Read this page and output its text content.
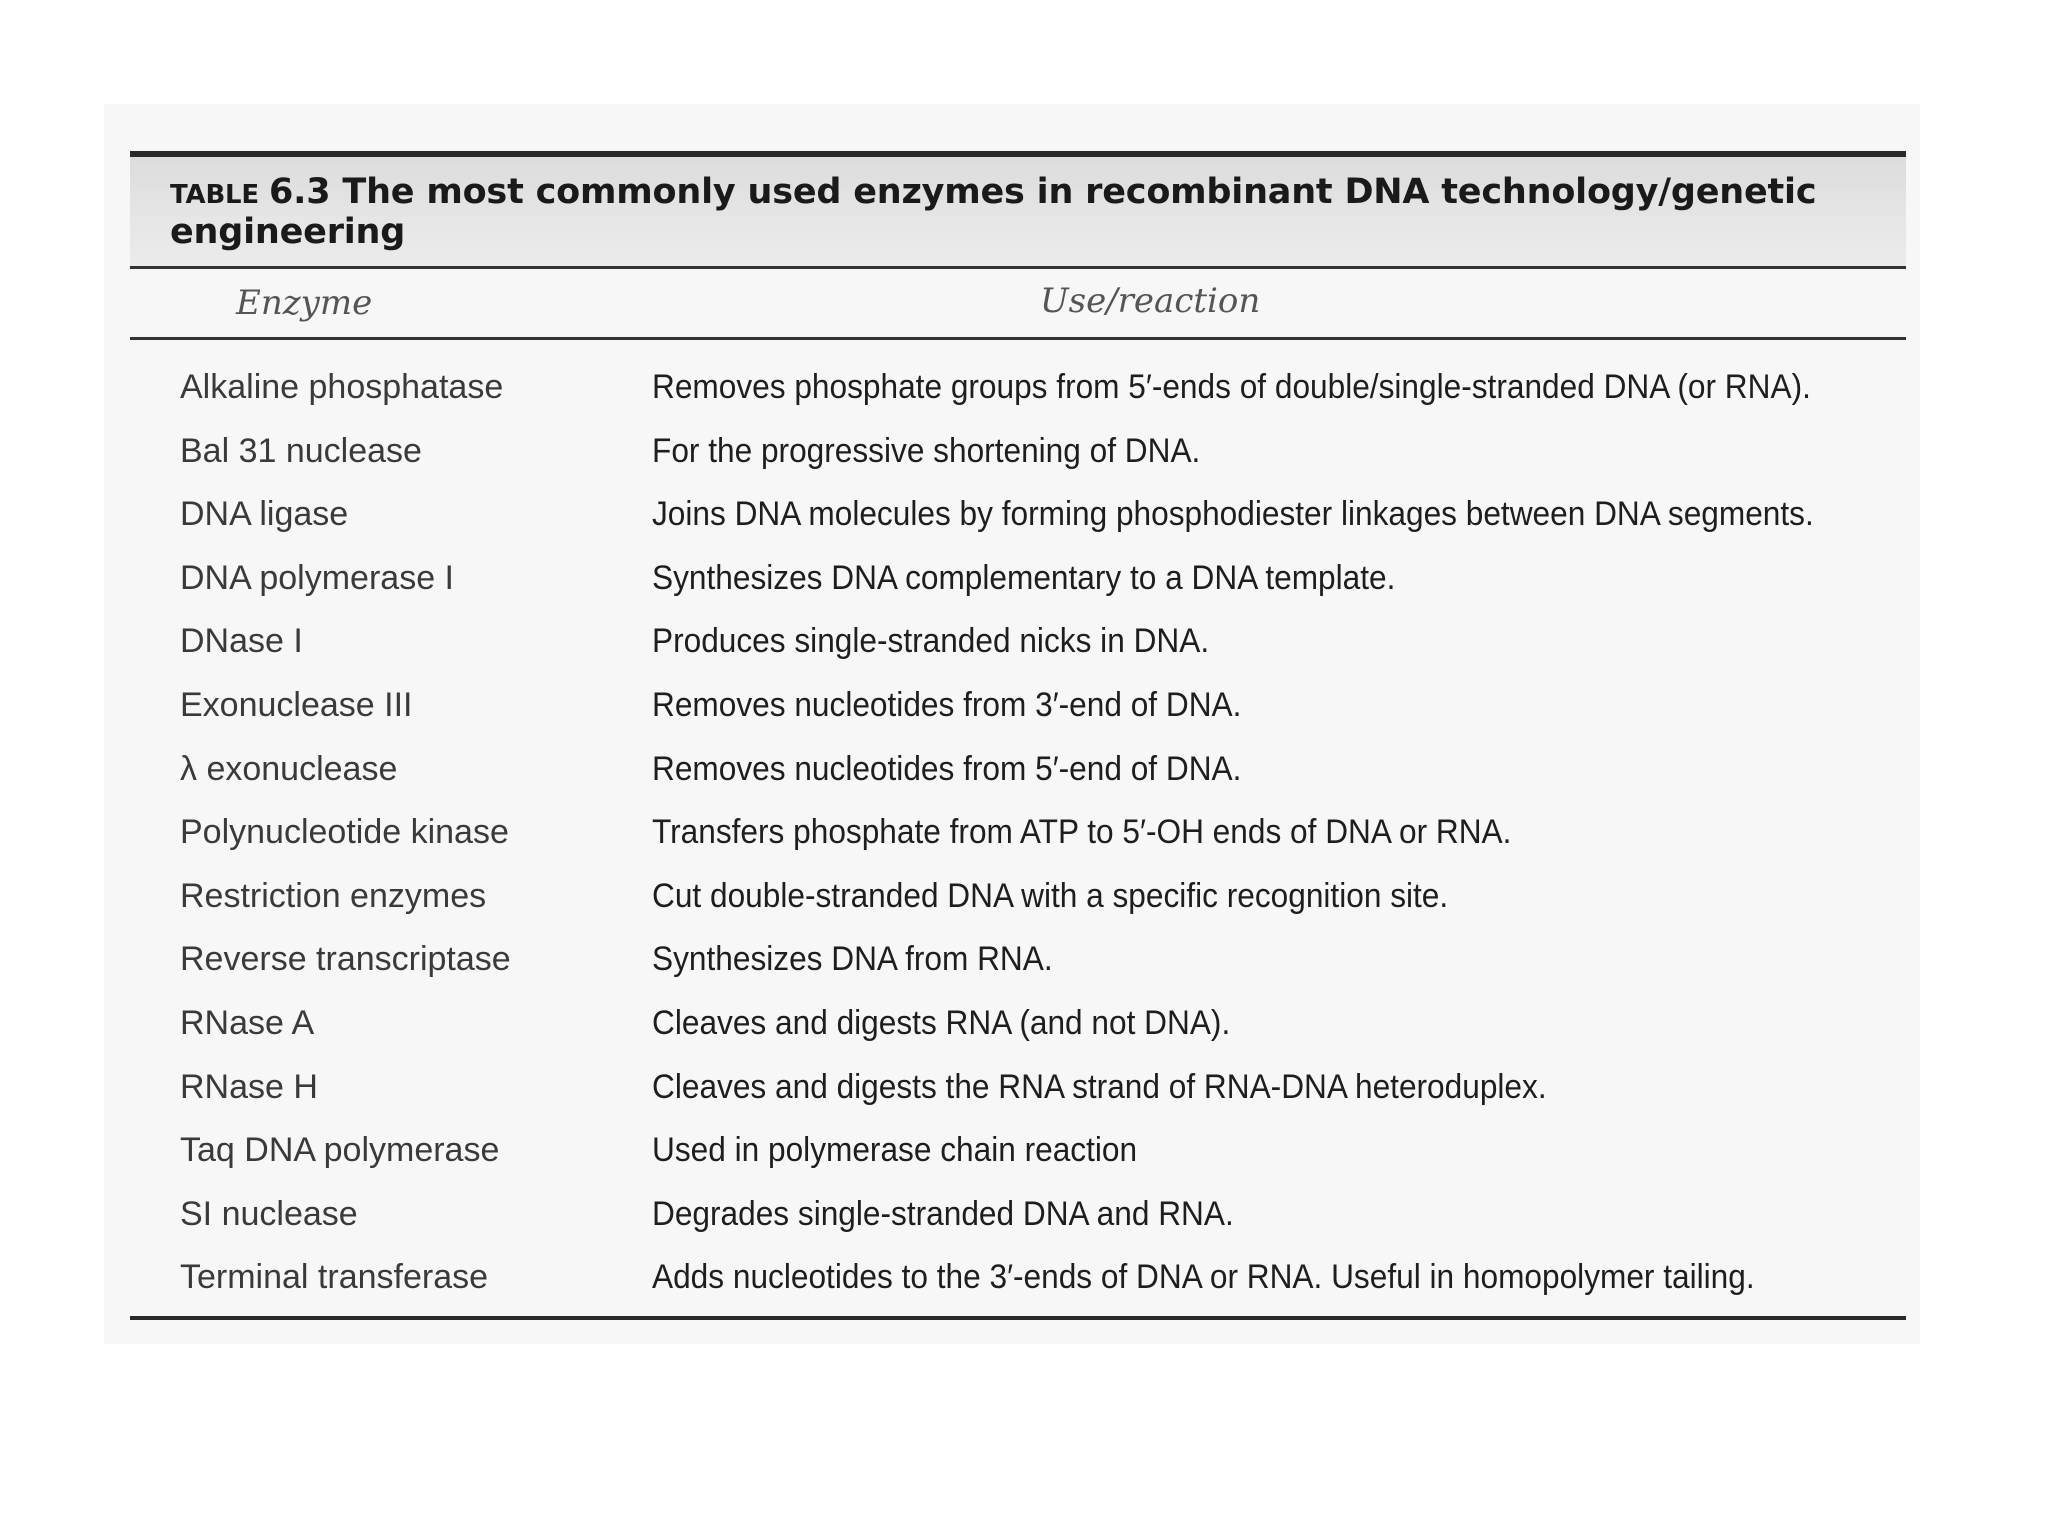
TABLE 6.3 The most commonly used enzymes in recombinant DNA technology/genetic engineering
Enzyme	Use/reaction
Alkaline phosphatase	Removes phosphate groups from 5′-ends of double/single-stranded DNA (or RNA).
Bal 31 nuclease	For the progressive shortening of DNA.
DNA ligase	Joins DNA molecules by forming phosphodiester linkages between DNA segments.
DNA polymerase I	Synthesizes DNA complementary to a DNA template.
DNase I	Produces single-stranded nicks in DNA.
Exonuclease III	Removes nucleotides from 3′-end of DNA.
λ exonuclease	Removes nucleotides from 5′-end of DNA.
Polynucleotide kinase	Transfers phosphate from ATP to 5′-OH ends of DNA or RNA.
Restriction enzymes	Cut double-stranded DNA with a specific recognition site.
Reverse transcriptase	Synthesizes DNA from RNA.
RNase A	Cleaves and digests RNA (and not DNA).
RNase H	Cleaves and digests the RNA strand of RNA-DNA heteroduplex.
Taq DNA polymerase	Used in polymerase chain reaction
SI nuclease	Degrades single-stranded DNA and RNA.
Terminal transferase	Adds nucleotides to the 3′-ends of DNA or RNA. Useful in homopolymer tailing.
